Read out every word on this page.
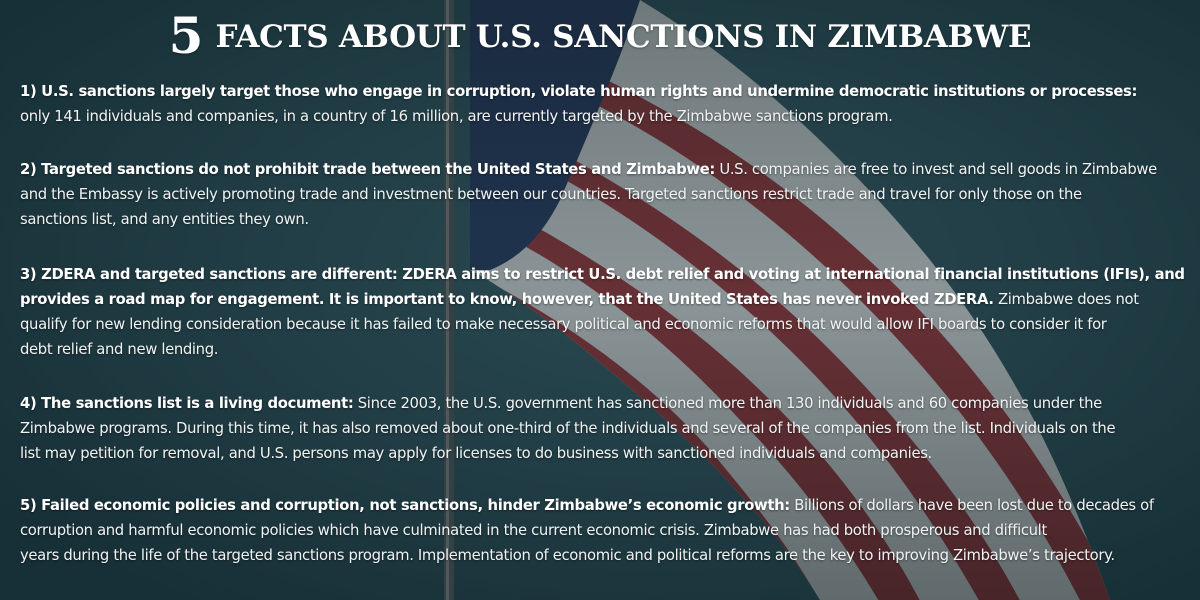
5 FACTS ABOUT U.S. SANCTIONS IN ZIMBABWE
1) U.S. sanctions largely target those who engage in corruption, violate human rights and undermine democratic institutions or processes:
only 141 individuals and companies, in a country of 16 million, are currently targeted by the Zimbabwe sanctions program.
2) Targeted sanctions do not prohibit trade between the United States and Zimbabwe: U.S. companies are free to invest and sell goods in Zimbabwe
and the Embassy is actively promoting trade and investment between our countries. Targeted sanctions restrict trade and travel for only those on the
sanctions list, and any entities they own.
3) ZDERA and targeted sanctions are different: ZDERA aims to restrict U.S. debt relief and voting at international financial institutions (IFIs), and
provides a road map for engagement. It is important to know, however, that the United States has never invoked ZDERA. Zimbabwe does not
qualify for new lending consideration because it has failed to make necessary political and economic reforms that would allow IFI boards to consider it for
debt relief and new lending.
4) The sanctions list is a living document: Since 2003, the U.S. government has sanctioned more than 130 individuals and 60 companies under the
Zimbabwe programs. During this time, it has also removed about one-third of the individuals and several of the companies from the list. Individuals on the
list may petition for removal, and U.S. persons may apply for licenses to do business with sanctioned individuals and companies.
5) Failed economic policies and corruption, not sanctions, hinder Zimbabwe’s economic growth: Billions of dollars have been lost due to decades of
corruption and harmful economic policies which have culminated in the current economic crisis. Zimbabwe has had both prosperous and difficult
years during the life of the targeted sanctions program. Implementation of economic and political reforms are the key to improving Zimbabwe’s trajectory.
